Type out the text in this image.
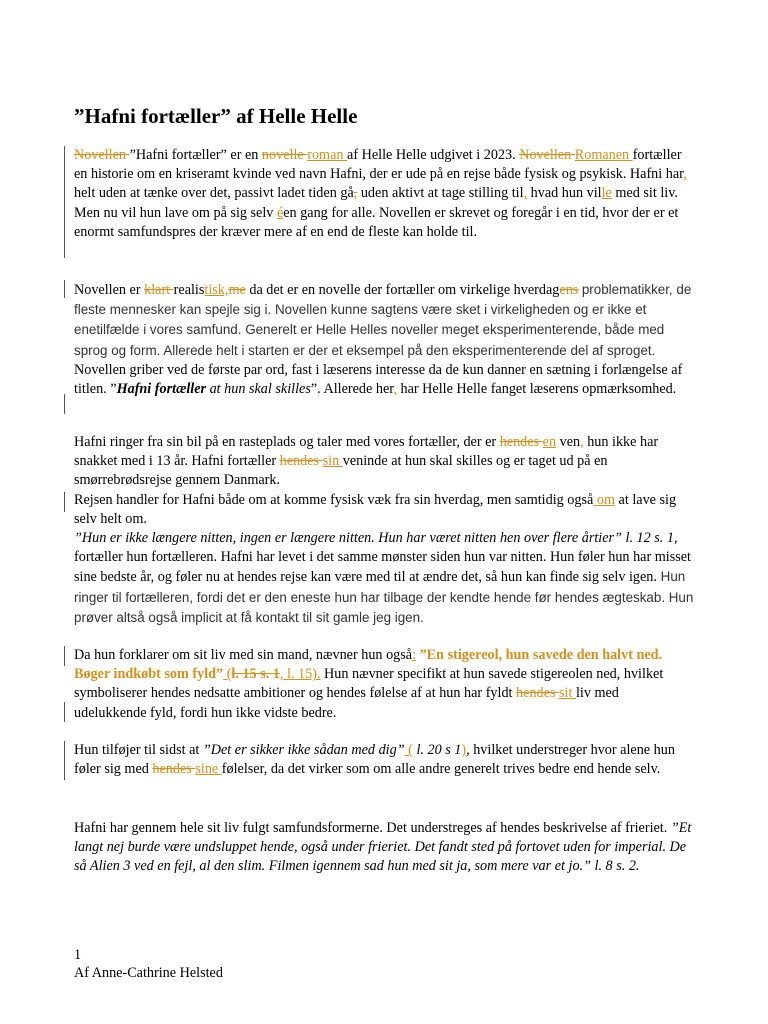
”Hafni fortæller” af Helle Helle

Novellen ”Hafni fortæller” er en novelle roman af Helle Helle udgivet i 2023. Novellen Romanen fortæller en historie om en kriseramt kvinde ved navn Hafni, der er ude på en rejse både fysisk og psykisk. Hafni har, helt uden at tænke over det, passivt ladet tiden gå, uden aktivt at tage stilling til, hvad hun ville med sit liv. Men nu vil hun lave om på sig selv éen gang for alle. Novellen er skrevet og foregår i en tid, hvor der er et enormt samfundspres der kræver mere af en end de fleste kan holde til.

Novellen er klart realistisk,me da det er en novelle der fortæller om virkelige hverdagens problematikker, de fleste mennesker kan spejle sig i. Novellen kunne sagtens være sket i virkeligheden og er ikke et enetilfælde i vores samfund. Generelt er Helle Helles noveller meget eksperimenterende, både med sprog og form. Allerede helt i starten er der et eksempel på den eksperimenterende del af sproget. Novellen griber ved de første par ord, fast i læserens interesse da de kun danner en sætning i forlængelse af titlen. ”Hafni fortæller at hun skal skilles”. Allerede her, har Helle Helle fanget læserens opmærksomhed.

Hafni ringer fra sin bil på en rasteplads og taler med vores fortæller, der er hendes en ven, hun ikke har snakket med i 13 år. Hafni fortæller hendes sin veninde at hun skal skilles og er taget ud på en smørrebrødsrejse gennem Danmark.

Rejsen handler for Hafni både om at komme fysisk væk fra sin hverdag, men samtidig også om at lave sig selv helt om.

”Hun er ikke længere nitten, ingen er længere nitten. Hun har været nitten hen over flere årtier” l. 12 s. 1, fortæller hun fortælleren. Hafni har levet i det samme mønster siden hun var nitten. Hun føler hun har misset sine bedste år, og føler nu at hendes rejse kan være med til at ændre det, så hun kan finde sig selv igen. Hun ringer til fortælleren, fordi det er den eneste hun har tilbage der kendte hende før hendes ægteskab. Hun prøver altså også implicit at få kontakt til sit gamle jeg igen.

Da hun forklarer om sit liv med sin mand, nævner hun også: ”En stigereol, hun savede den halvt ned. Bøger indkøbt som fyld” (l. 15 s. 1, l. 15). Hun nævner specifikt at hun savede stigereolen ned, hvilket symboliserer hendes nedsatte ambitioner og hendes følelse af at hun har fyldt hendes sit liv med udelukkende fyld, fordi hun ikke vidste bedre.

Hun tilføjer til sidst at ”Det er sikker ikke sådan med dig” ( l. 20 s 1), hvilket understreger hvor alene hun føler sig med hendes sine følelser, da det virker som om alle andre generelt trives bedre end hende selv.

Hafni har gennem hele sit liv fulgt samfundsformerne. Det understreges af hendes beskrivelse af frieriet. ”Et langt nej burde være undsluppet hende, også under frieriet. Det fandt sted på fortovet uden for imperial. De så Alien 3 ved en fejl, al den slim. Filmen igennem sad hun med sit ja, som mere var et jo.” l. 8 s. 2.

1
Af Anne-Cathrine Helsted
